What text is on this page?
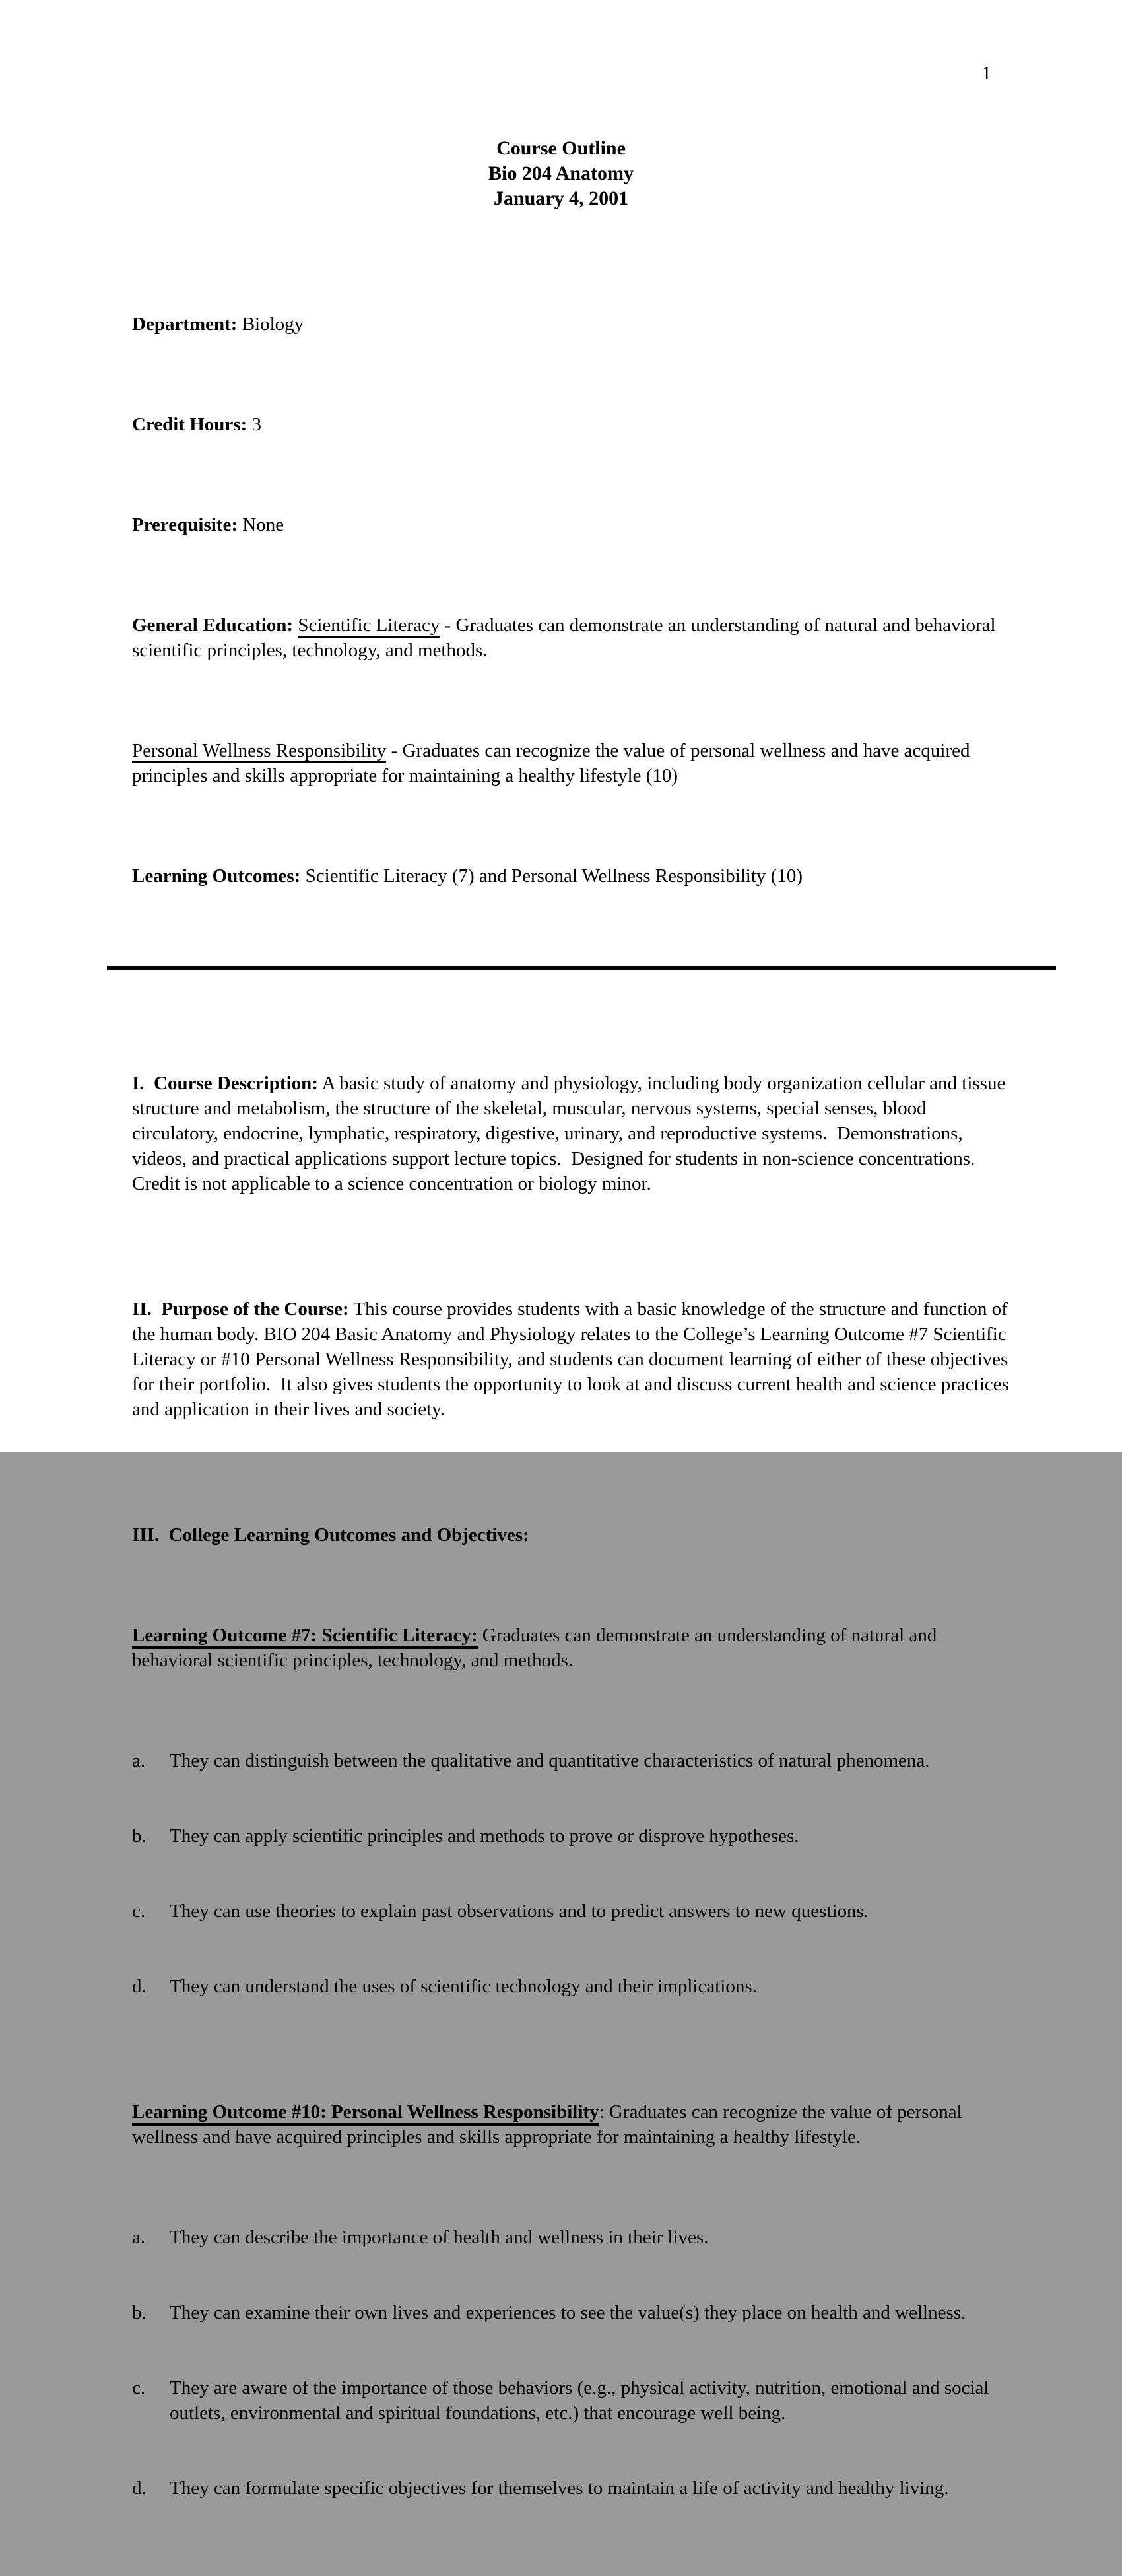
1
Course Outline
Bio 204 Anatomy
January 4, 2001

Department: Biology

Credit Hours: 3

Prerequisite: None

General Education: Scientific Literacy - Graduates can demonstrate an understanding of natural and behavioral scientific principles, technology, and methods.

Personal Wellness Responsibility - Graduates can recognize the value of personal wellness and have acquired principles and skills appropriate for maintaining a healthy lifestyle (10)

Learning Outcomes: Scientific Literacy (7) and Personal Wellness Responsibility (10)

I.  Course Description: A basic study of anatomy and physiology, including body organization cellular and tissue structure and metabolism, the structure of the skeletal, muscular, nervous systems, special senses, blood circulatory, endocrine, lymphatic, respiratory, digestive, urinary, and reproductive systems.  Demonstrations, videos, and practical applications support lecture topics.  Designed for students in non-science concentrations. Credit is not applicable to a science concentration or biology minor.

II.  Purpose of the Course: This course provides students with a basic knowledge of the structure and function of the human body. BIO 204 Basic Anatomy and Physiology relates to the College’s Learning Outcome #7 Scientific Literacy or #10 Personal Wellness Responsibility, and students can document learning of either of these objectives for their portfolio.  It also gives students the opportunity to look at and discuss current health and science practices and application in their lives and society.

III.  College Learning Outcomes and Objectives:

Learning Outcome #7: Scientific Literacy: Graduates can demonstrate an understanding of natural and behavioral scientific principles, technology, and methods.

a.	They can distinguish between the qualitative and quantitative characteristics of natural phenomena.

b.	They can apply scientific principles and methods to prove or disprove hypotheses.

c.	They can use theories to explain past observations and to predict answers to new questions.

d.	They can understand the uses of scientific technology and their implications.

Learning Outcome #10: Personal Wellness Responsibility: Graduates can recognize the value of personal wellness and have acquired principles and skills appropriate for maintaining a healthy lifestyle.

a.	They can describe the importance of health and wellness in their lives.

b.	They can examine their own lives and experiences to see the value(s) they place on health and wellness.

c.	They are aware of the importance of those behaviors (e.g., physical activity, nutrition, emotional and social outlets, environmental and spiritual foundations, etc.) that encourage well being.

d.	They can formulate specific objectives for themselves to maintain a life of activity and healthy living.
